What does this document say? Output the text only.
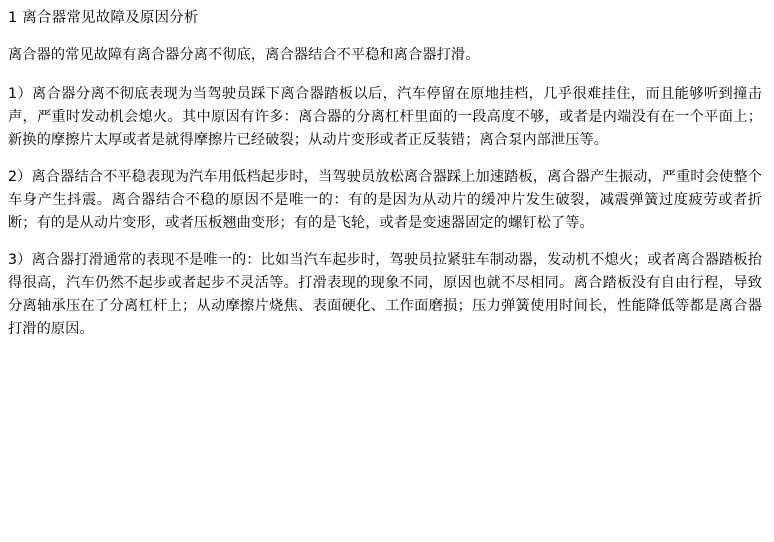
1 离合器常见故障及原因分析

离合器的常见故障有离合器分离不彻底，离合器结合不平稳和离合器打滑。

1）离合器分离不彻底表现为当驾驶员踩下离合器踏板以后，汽车停留在原地挂档，几乎很难挂住，而且能够听到撞击声，严重时发动机会熄火。其中原因有许多：离合器的分离杠杆里面的一段高度不够，或者是内端没有在一个平面上；新换的摩擦片太厚或者是就得摩擦片已经破裂；从动片变形或者正反装错；离合泵内部泄压等。

2）离合器结合不平稳表现为汽车用低档起步时，当驾驶员放松离合器踩上加速踏板，离合器产生振动，严重时会使整个车身产生抖震。离合器结合不稳的原因不是唯一的：有的是因为从动片的缓冲片发生破裂，减震弹簧过度疲劳或者折断；有的是从动片变形，或者压板翘曲变形；有的是飞轮，或者是变速器固定的螺钉松了等。

3）离合器打滑通常的表现不是唯一的：比如当汽车起步时，驾驶员拉紧驻车制动器，发动机不熄火；或者离合器踏板抬得很高，汽车仍然不起步或者起步不灵活等。打滑表现的现象不同，原因也就不尽相同。离合踏板没有自由行程，导致分离轴承压在了分离杠杆上；从动摩擦片烧焦、表面硬化、工作面磨损；压力弹簧使用时间长，性能降低等都是离合器打滑的原因。
